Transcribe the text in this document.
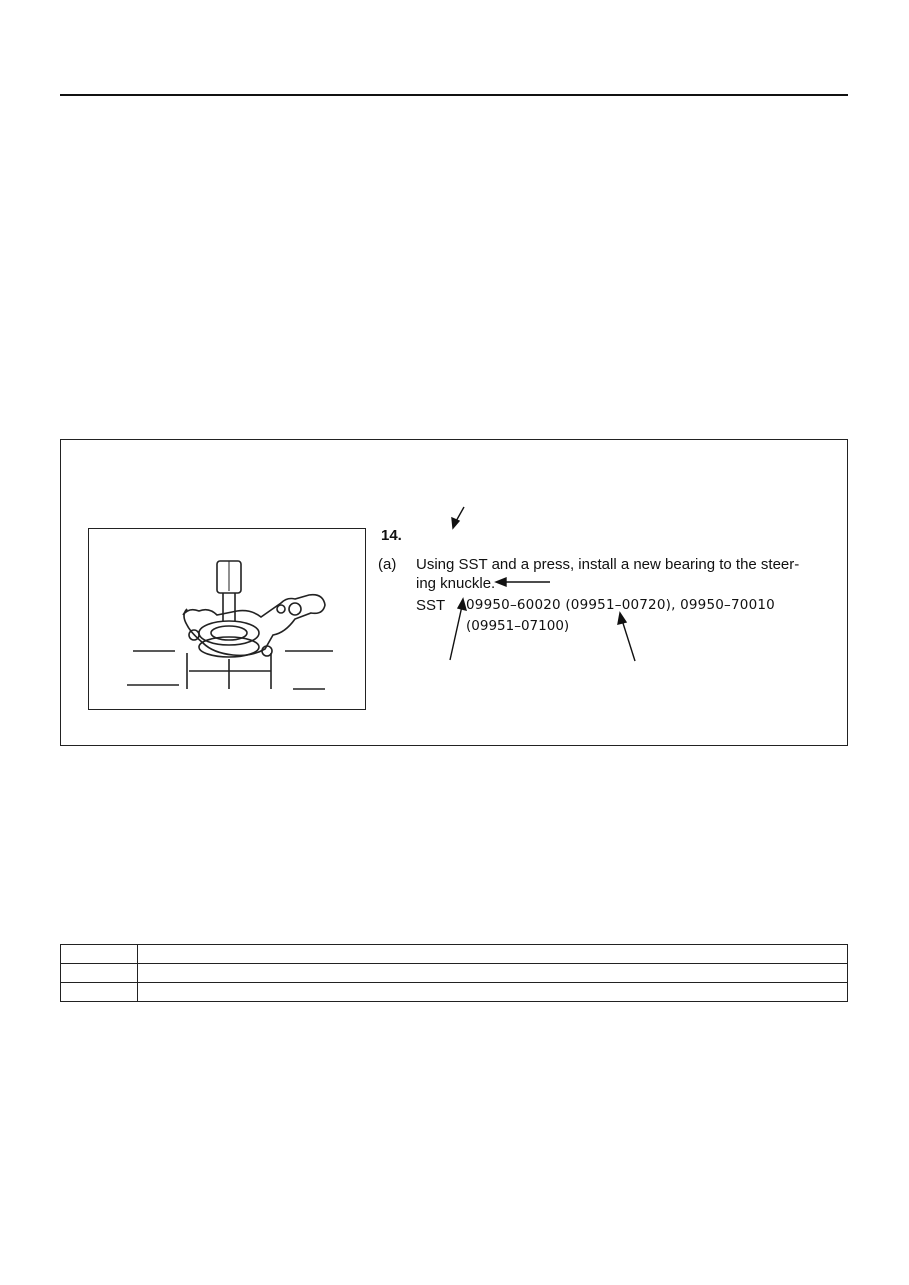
14.
(a) Using SST and a press, install a new bearing to the steer-
ing knuckle.
SST 09950–60020 (09951–00720), 09950–70010
(09951–07100)
